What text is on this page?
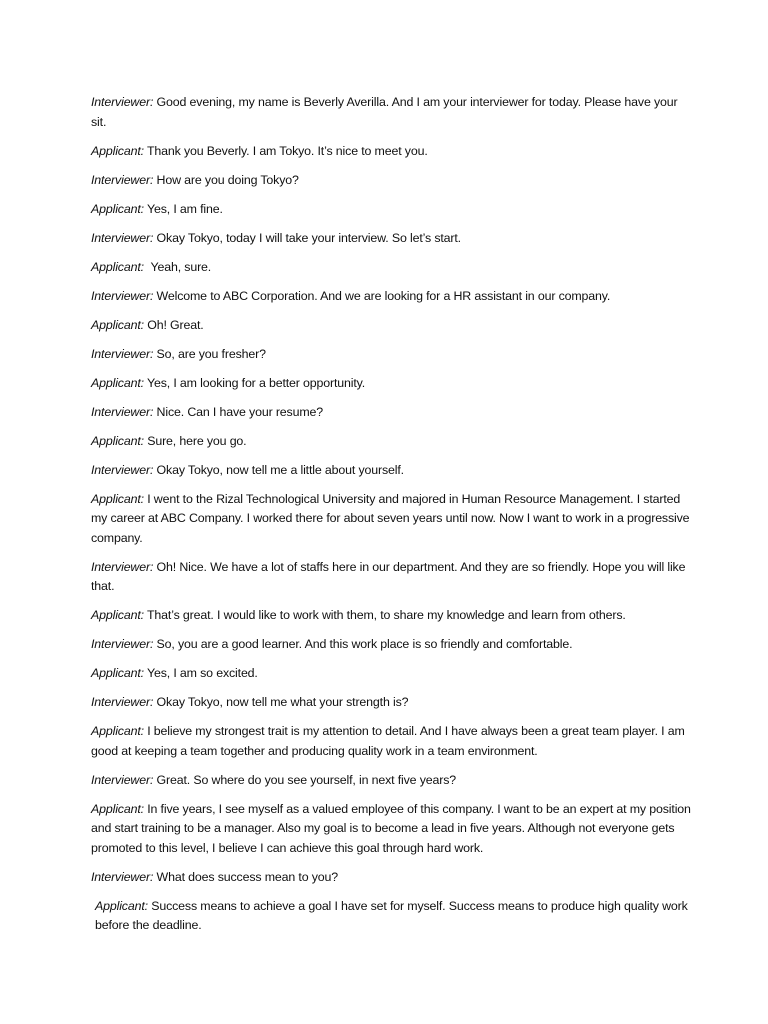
Interviewer: Good evening, my name is Beverly Averilla. And I am your interviewer for today. Please have your sit.

Applicant: Thank you Beverly. I am Tokyo. It’s nice to meet you.

Interviewer: How are you doing Tokyo?

Applicant: Yes, I am fine.

Interviewer: Okay Tokyo, today I will take your interview. So let’s start.

Applicant:  Yeah, sure.

Interviewer: Welcome to ABC Corporation. And we are looking for a HR assistant in our company.

Applicant: Oh! Great.

Interviewer: So, are you fresher?

Applicant: Yes, I am looking for a better opportunity.

Interviewer: Nice. Can I have your resume?

Applicant: Sure, here you go.

Interviewer: Okay Tokyo, now tell me a little about yourself.

Applicant: I went to the Rizal Technological University and majored in Human Resource Management. I started my career at ABC Company. I worked there for about seven years until now. Now I want to work in a progressive company.

Interviewer: Oh! Nice. We have a lot of staffs here in our department. And they are so friendly. Hope you will like that.

Applicant: That’s great. I would like to work with them, to share my knowledge and learn from others.

Interviewer: So, you are a good learner. And this work place is so friendly and comfortable.

Applicant: Yes, I am so excited.

Interviewer: Okay Tokyo, now tell me what your strength is?

Applicant: I believe my strongest trait is my attention to detail. And I have always been a great team player. I am good at keeping a team together and producing quality work in a team environment.

Interviewer: Great. So where do you see yourself, in next five years?

Applicant: In five years, I see myself as a valued employee of this company. I want to be an expert at my position and start training to be a manager. Also my goal is to become a lead in five years. Although not everyone gets promoted to this level, I believe I can achieve this goal through hard work.

Interviewer: What does success mean to you?

Applicant: Success means to achieve a goal I have set for myself. Success means to produce high quality work before the deadline.
